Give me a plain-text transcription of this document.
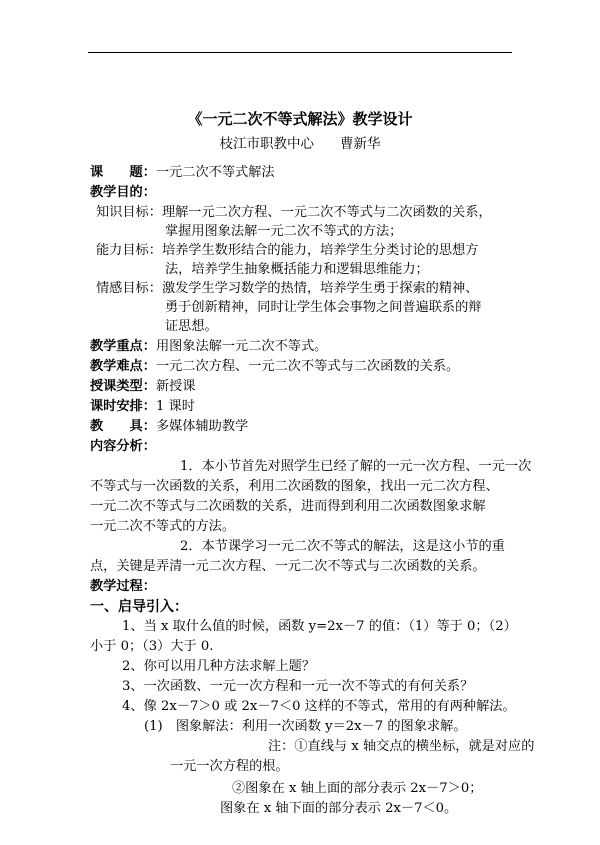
《一元二次不等式解法》教学设计
枝江市职教中心 曹新华
课　　题：一元二次不等式解法
教学目的：
知识目标：理解一元二次方程、一元二次不等式与二次函数的关系，
掌握用图象法解一元二次不等式的方法；
能力目标：培养学生数形结合的能力，培养学生分类讨论的思想方
法，培养学生抽象概括能力和逻辑思维能力；
情感目标：激发学生学习数学的热情，培养学生勇于探索的精神、
勇于创新精神，同时让学生体会事物之间普遍联系的辩
证思想。
教学重点：用图象法解一元二次不等式。
教学难点：一元二次方程、一元二次不等式与二次函数的关系。
授课类型：新授课
课时安排：1 课时
教　　具：多媒体辅助教学
内容分析：
1．本小节首先对照学生已经了解的一元一次方程、一元一次
不等式与一次函数的关系，利用二次函数的图象，找出一元二次方程、
一元二次不等式与二次函数的关系，进而得到利用二次函数图象求解
一元二次不等式的方法。
2．本节课学习一元二次不等式的解法，这是这小节的重
点，关键是弄清一元二次方程、一元二次不等式与二次函数的关系。
教学过程：
一、启导引入：
1、当 x 取什么值的时候，函数 y=2x－7 的值：（1）等于 0；（2）
小于 0；（3）大于 0.
2、你可以用几种方法求解上题？
3、一次函数、一元一次方程和一元一次不等式的有何关系？
4、像 2x－7＞0 或 2x－7＜0 这样的不等式，常用的有两种解法。
(1)　图象解法：利用一次函数 y＝2x－7 的图象求解。
注：①直线与 x 轴交点的横坐标，就是对应的
一元一次方程的根。
②图象在 x 轴上面的部分表示 2x－7＞0；
图象在 x 轴下面的部分表示 2x－7＜0。
